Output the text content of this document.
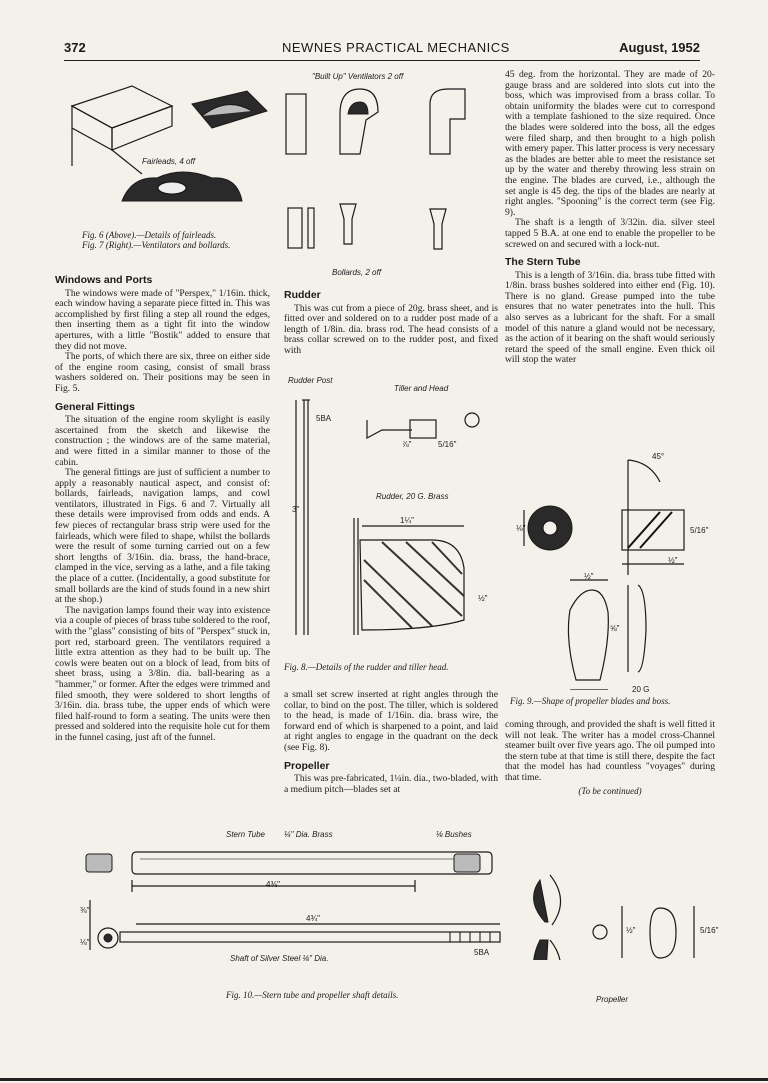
372	NEWNES PRACTICAL MECHANICS	August, 1952
Fairleads, 4 off
Fig. 6 (Above).—Details of fairleads.
Fig. 7 (Right).—Ventilators and bollards.
"Built Up" Ventilators 2 off
Bollards, 2 off
Windows and Ports

The windows were made of "Perspex," 1/16in. thick, each window having a separate piece fitted in. This was accomplished by first filing a step all round the edges, then inserting them as a tight fit into the window apertures, with a little "Bostik" added to ensure that they did not move.

The ports, of which there are six, three on either side of the engine room casing, consist of small brass washers soldered on. Their positions may be seen in Fig. 5.

General Fittings

The situation of the engine room skylight is easily ascertained from the sketch and likewise the construction ; the windows are of the same material, and were fitted in a similar manner to those of the cabin.

The general fittings are just of sufficient a number to apply a reasonably nautical aspect, and consist of: bollards, fairleads, navigation lamps, and cowl ventilators, illustrated in Figs. 6 and 7. Virtually all these details were improvised from odds and ends. A few pieces of rectangular brass strip were used for the fairleads, which were filed to shape, whilst the bollards were the result of some turning carried out on a few short lengths of 3/16in. dia. brass, the hand-brace, clamped in the vice, serving as a lathe, and a file taking the place of a cutter. (Incidentally, a good substitute for small bollards are the kind of studs found in a new shirt at the shop.)

The navigation lamps found their way into existence via a couple of pieces of brass tube soldered to the roof, with the "glass" consisting of bits of "Perspex" stuck in, port red, starboard green. The ventilators required a little extra attention as they had to be built up. The cowls were beaten out on a block of lead, from bits of sheet brass, using a 3/8in. dia. ball-bearing as a "hammer," or former. After the edges were trimmed and filed smooth, they were soldered to short lengths of 3/16in. dia. brass tube, the upper ends of which were filed half-round to form a seating. The units were then pressed and soldered into the requisite hole cut for them in the funnel casing, just aft of the funnel.

Rudder

This was cut from a piece of 20g. brass sheet, and is fitted over and soldered on to a rudder post made of a length of 1/8in. dia. brass rod. The head consists of a brass collar screwed on to the rudder post, and fixed with

Rudder Post
Tiller and Head
5BA
Rudder, 20 G. Brass
3"
1¼"
½"
⅞"	5/16"
Fig. 8.—Details of the rudder and tiller head.

a small set screw inserted at right angles through the collar, to bind on the post. The tiller, which is soldered to the head, is made of 1/16in. dia. brass wire, the forward end of which is sharpened to a point, and laid at right angles to engage in the quadrant on the deck (see Fig. 8).

Propeller

This was pre-fabricated, 1¼in. dia., two-bladed, with a medium pitch—blades set at

45 deg. from the horizontal. They are made of 20-gauge brass and are soldered into slots cut into the boss, which was improvised from a brass collar. To obtain uniformity the blades were cut to correspond with a template fashioned to the size required. Once the blades were soldered into the boss, all the edges were filed sharp, and then brought to a high polish with emery paper. This latter process is very necessary as the blades are better able to meet the resistance set up by the water and thereby throwing less strain on the engine. The blades are curved, i.e., although the set angle is 45 deg. the tips of the blades are nearly at right angles. "Spooning" is the correct term (see Fig. 9).

The shaft is a length of 3/32in. dia. silver steel tapped 5 B.A. at one end to enable the propeller to be screwed on and secured with a lock-nut.

The Stern Tube

This is a length of 3/16in. dia. brass tube fitted with 1/8in. brass bushes soldered into either end (Fig. 10). There is no gland. Grease pumped into the tube ensures that no water penetrates into the hull. This also serves as a lubricant for the shaft. For a small model of this nature a gland would not be necessary, as the action of it bearing on the shaft would seriously retard the speed of the small engine. Even thick oil will stop the water

45°
⅛"	5/16"
½"
½"
⅝"
20 G
Fig. 9.—Shape of propeller blades and boss.

coming through, and provided the shaft is well fitted it will not leak. The writer has a model cross-Channel steamer built over five years ago. The oil pumped into the stern tube at that time is still there, despite the fact that the model has had countless "voyages" during that time.

(To be continued)

Stern Tube ¼" Dia. Brass	⅛ Bushes
4⅜"
4¾"
⅜"
⅛"
5BA
Shaft of Silver Steel ⅛" Dia.
½"	5/16"
Propeller
Fig. 10.—Stern tube and propeller shaft details.
